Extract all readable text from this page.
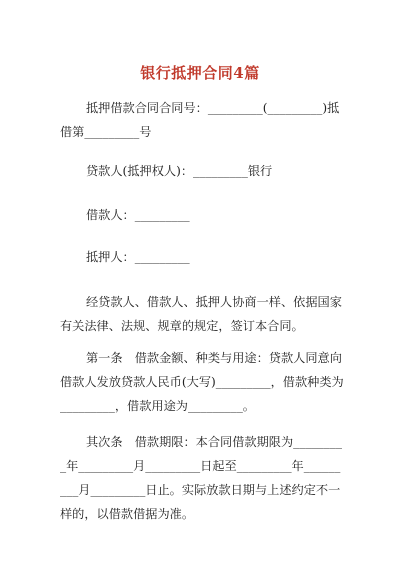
银行抵押合同4篇

抵押借款合同合同号：_________(_________)抵借第_________号

贷款人(抵押权人)：_________银行

借款人：_________

抵押人：_________

经贷款人、借款人、抵押人协商一样、依据国家有关法律、法规、规章的规定，签订本合同。

第一条　借款金额、种类与用途：贷款人同意向借款人发放贷款人民币(大写)_________，借款种类为_________，借款用途为_________。

其次条　借款期限：本合同借款期限为_________年_________月_________日起至_________年_________月_________日止。实际放款日期与上述约定不一样的，以借款借据为准。
